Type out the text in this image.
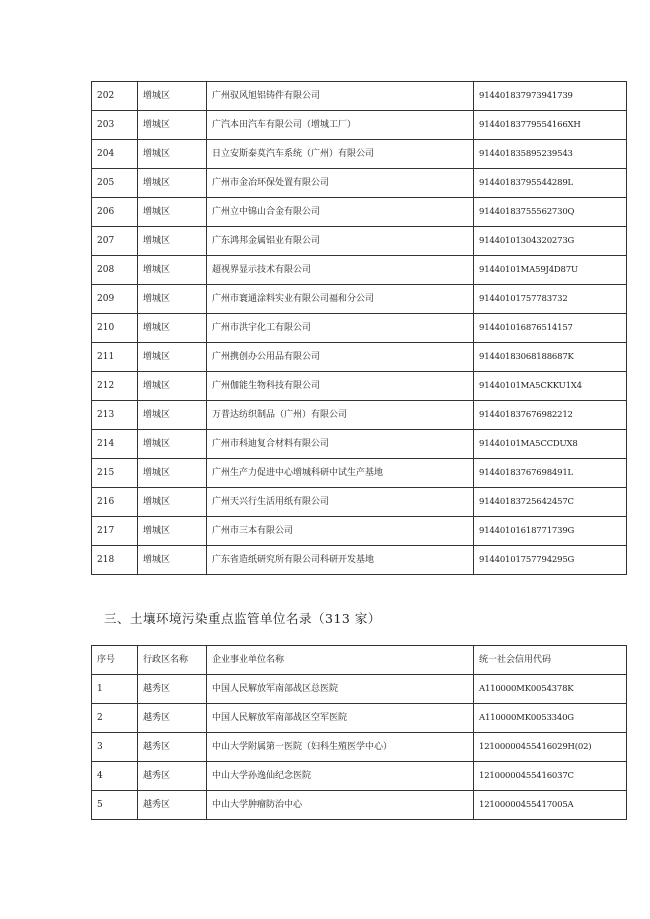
202	增城区	广州驭风旭铝铸件有限公司	914401837973941739
203	增城区	广汽本田汽车有限公司（增城工厂）	91440183779554166XH
204	增城区	日立安斯泰莫汽车系统（广州）有限公司	914401835895239543
205	增城区	广州市金冶环保处置有限公司	91440183795544289L
206	增城区	广州立中锦山合金有限公司	91440183755562730Q
207	增城区	广东鸿邦金属铝业有限公司	91440101304320273G
208	增城区	超视界显示技术有限公司	91440101MA59J4D87U
209	增城区	广州市寰通涂料实业有限公司福和分公司	91440101757783732
210	增城区	广州市洪宇化工有限公司	914401016876514157
211	增城区	广州携创办公用品有限公司	91440183068188687K
212	增城区	广州伽能生物科技有限公司	91440101MA5CKKU1X4
213	增城区	万普达纺织制品（广州）有限公司	914401837676982212
214	增城区	广州市科迪复合材料有限公司	91440101MA5CCDUX8
215	增城区	广州生产力促进中心增城科研中试生产基地	91440183767698491L
216	增城区	广州天兴行生活用纸有限公司	91440183725642457C
217	增城区	广州市三本有限公司	91440101618771739G
218	增城区	广东省造纸研究所有限公司科研开发基地	91440101757794295G
三、土壤环境污染重点监管单位名录（313 家）
序号	行政区名称	企业事业单位名称	统一社会信用代码
1	越秀区	中国人民解放军南部战区总医院	A110000MK0054378K
2	越秀区	中国人民解放军南部战区空军医院	A110000MK0053340G
3	越秀区	中山大学附属第一医院（妇科生殖医学中心）	12100000455416029H(02)
4	越秀区	中山大学孙逸仙纪念医院	12100000455416037C
5	越秀区	中山大学肿瘤防治中心	12100000455417005A
